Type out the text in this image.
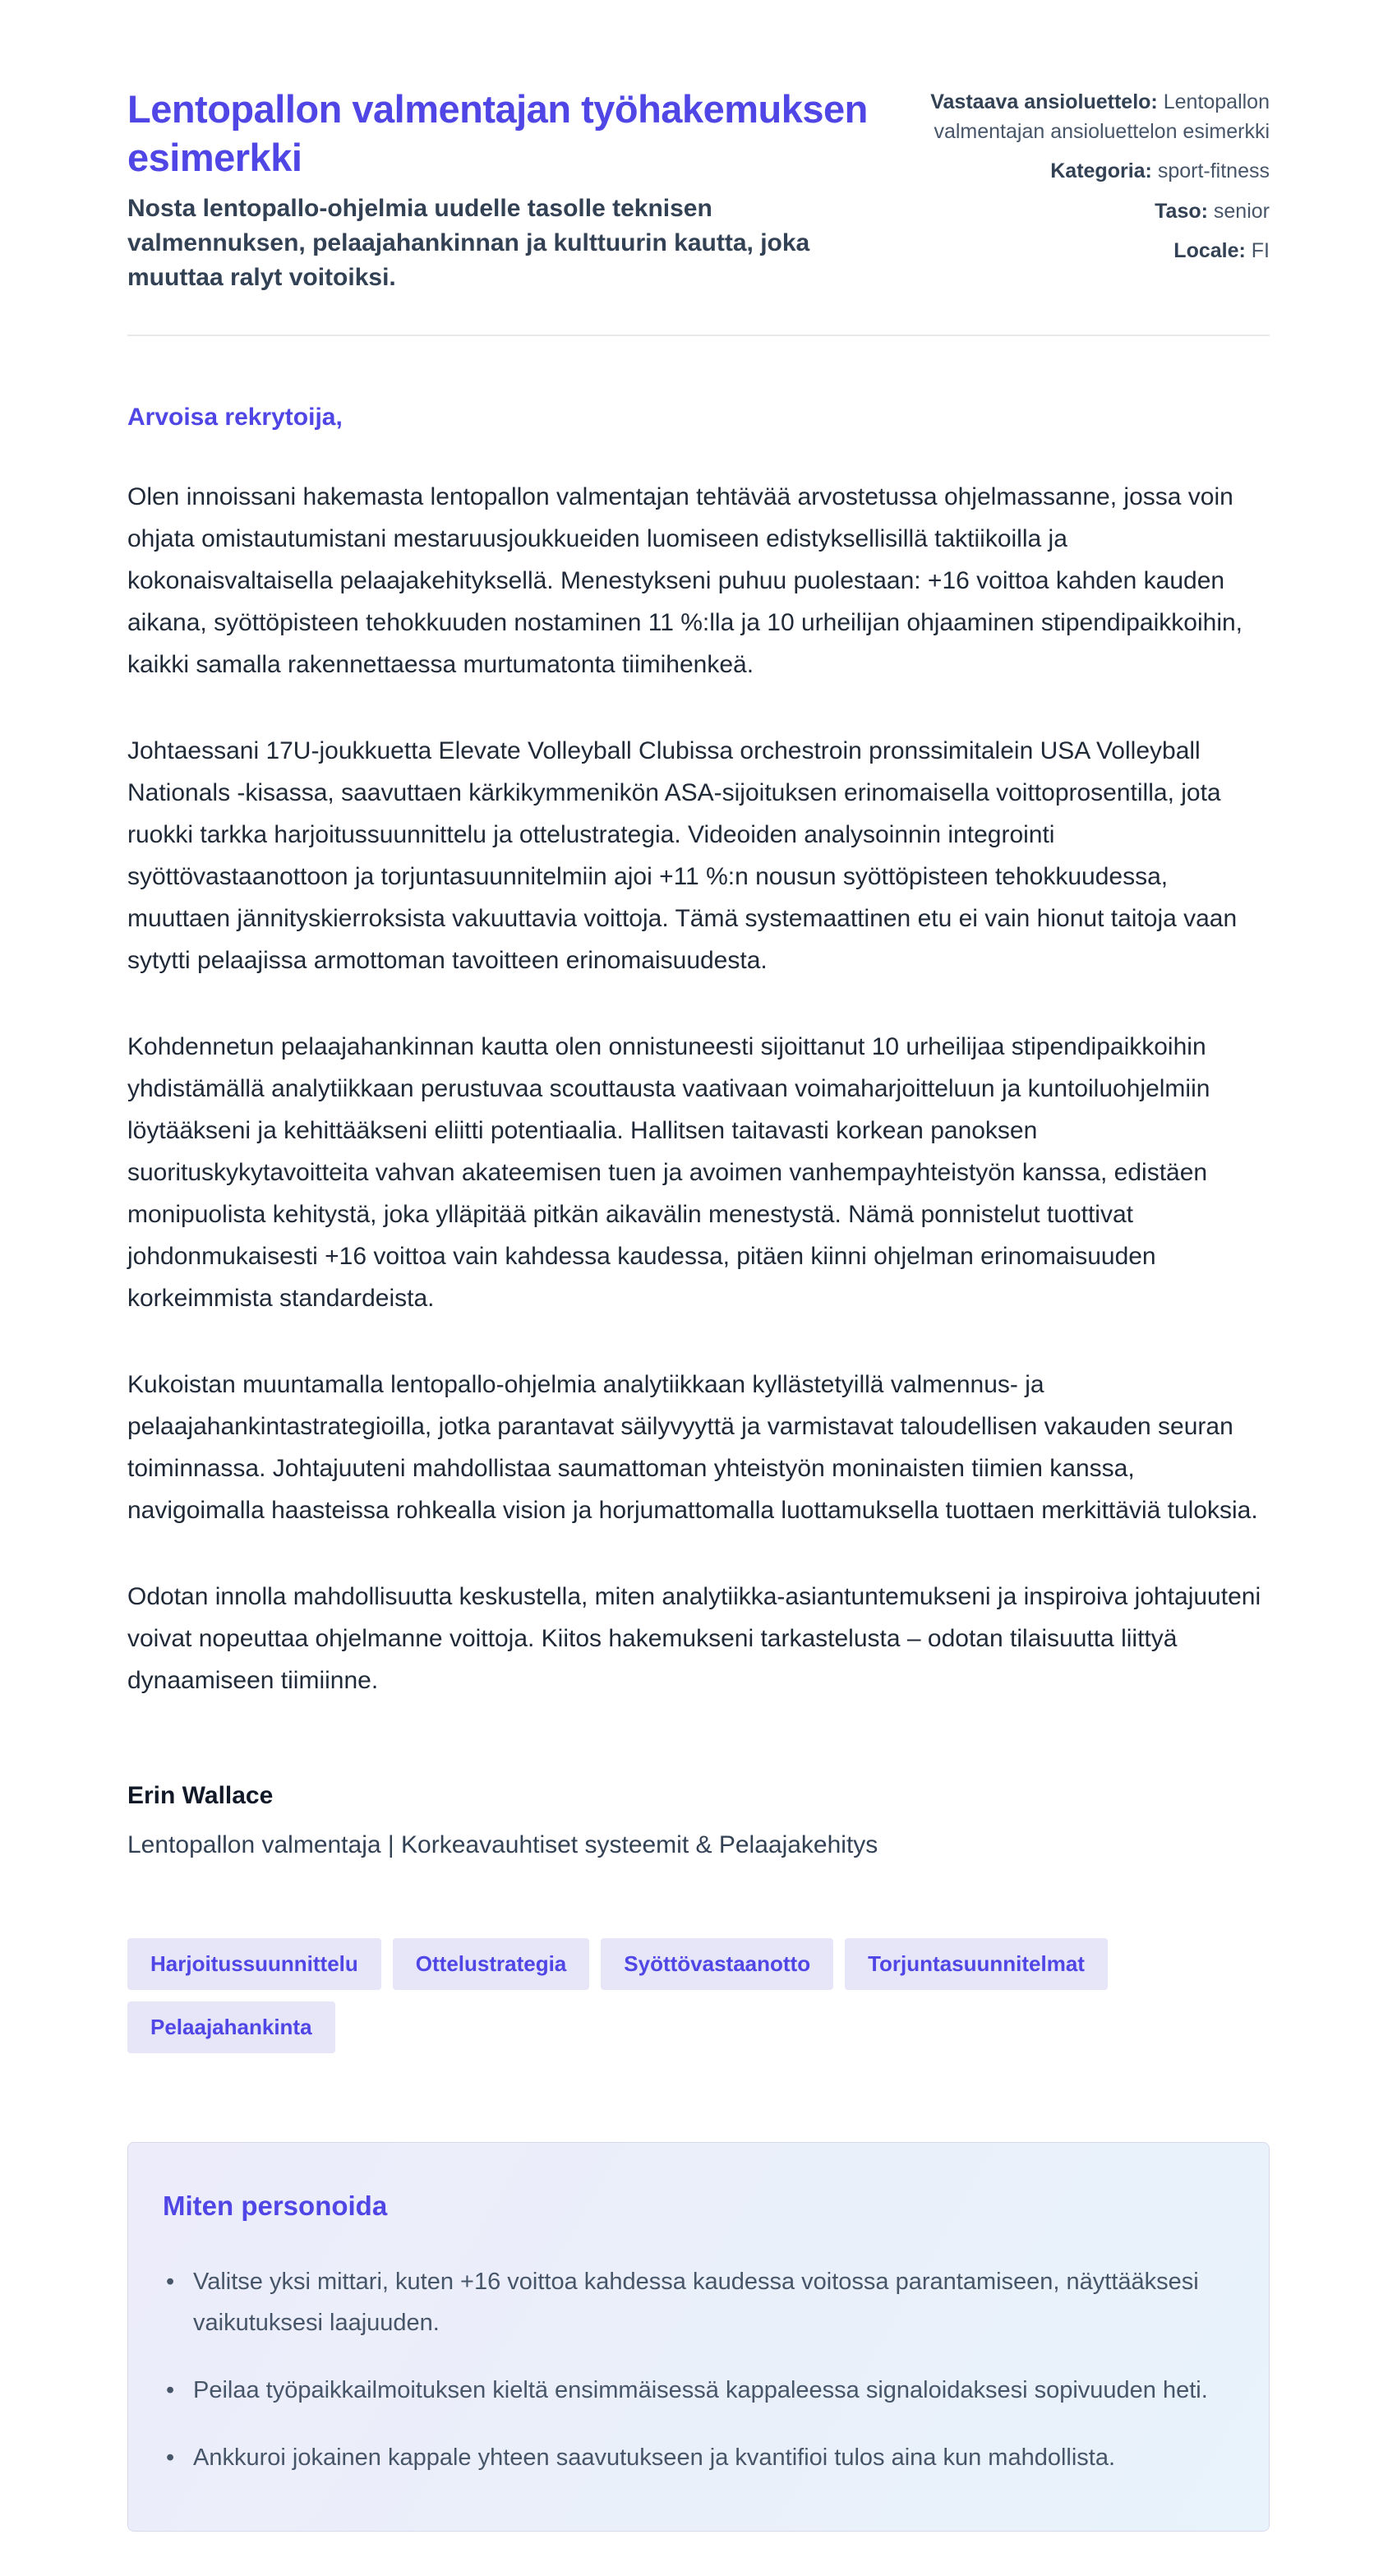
Lentopallon valmentajan työhakemuksen esimerkki

Nosta lentopallo-ohjelmia uudelle tasolle teknisen valmennuksen, pelaajahankinnan ja kulttuurin kautta, joka muuttaa ralyt voitoiksi.

Vastaava ansioluettelo: Lentopallon valmentajan ansioluettelon esimerkki

Kategoria: sport-fitness

Taso: senior

Locale: FI

Arvoisa rekrytoija,

Olen innoissani hakemasta lentopallon valmentajan tehtävää arvostetussa ohjelmassanne, jossa voin ohjata omistautumistani mestaruusjoukkueiden luomiseen edistyksellisillä taktiikoilla ja kokonaisvaltaisella pelaajakehityksellä. Menestykseni puhuu puolestaan: +16 voittoa kahden kauden aikana, syöttöpisteen tehokkuuden nostaminen 11 %:lla ja 10 urheilijan ohjaaminen stipendipaikkoihin, kaikki samalla rakennettaessa murtumatonta tiimihenkeä.

Johtaessani 17U-joukkuetta Elevate Volleyball Clubissa orchestroin pronssimitalein USA Volleyball Nationals -kisassa, saavuttaen kärkikymmenikön ASA-sijoituksen erinomaisella voittoprosentilla, jota ruokki tarkka harjoitussuunnittelu ja ottelustrategia. Videoiden analysoinnin integrointi syöttövastaanottoon ja torjuntasuunnitelmiin ajoi +11 %:n nousun syöttöpisteen tehokkuudessa, muuttaen jännityskierroksista vakuuttavia voittoja. Tämä systemaattinen etu ei vain hionut taitoja vaan sytytti pelaajissa armottoman tavoitteen erinomaisuudesta.

Kohdennetun pelaajahankinnan kautta olen onnistuneesti sijoittanut 10 urheilijaa stipendipaikkoihin yhdistämällä analytiikkaan perustuvaa scouttausta vaativaan voimaharjoitteluun ja kuntoiluohjelmiin löytääkseni ja kehittääkseni eliitti potentiaalia. Hallitsen taitavasti korkean panoksen suorituskykytavoitteita vahvan akateemisen tuen ja avoimen vanhempayhteistyön kanssa, edistäen monipuolista kehitystä, joka ylläpitää pitkän aikavälin menestystä. Nämä ponnistelut tuottivat johdonmukaisesti +16 voittoa vain kahdessa kaudessa, pitäen kiinni ohjelman erinomaisuuden korkeimmista standardeista.

Kukoistan muuntamalla lentopallo-ohjelmia analytiikkaan kyllästetyillä valmennus- ja pelaajahankintastrategioilla, jotka parantavat säilyvyyttä ja varmistavat taloudellisen vakauden seuran toiminnassa. Johtajuuteni mahdollistaa saumattoman yhteistyön moninaisten tiimien kanssa, navigoimalla haasteissa rohkealla vision ja horjumattomalla luottamuksella tuottaen merkittäviä tuloksia.

Odotan innolla mahdollisuutta keskustella, miten analytiikka-asiantuntemukseni ja inspiroiva johtajuuteni voivat nopeuttaa ohjelmanne voittoja. Kiitos hakemukseni tarkastelusta – odotan tilaisuutta liittyä dynaamiseen tiimiinne.

Erin Wallace

Lentopallon valmentaja | Korkeavauhtiset systeemit & Pelaajakehitys

Harjoitussuunnittelu	Ottelustrategia	Syöttövastaanotto	Torjuntasuunnitelmat
Pelaajahankinta
Miten personoida
• Valitse yksi mittari, kuten +16 voittoa kahdessa kaudessa voitossa parantamiseen, näyttääksesi vaikutuksesi laajuuden.
• Peilaa työpaikkailmoituksen kieltä ensimmäisessä kappaleessa signaloidaksesi sopivuuden heti.
• Ankkuroi jokainen kappale yhteen saavutukseen ja kvantifioi tulos aina kun mahdollista.
